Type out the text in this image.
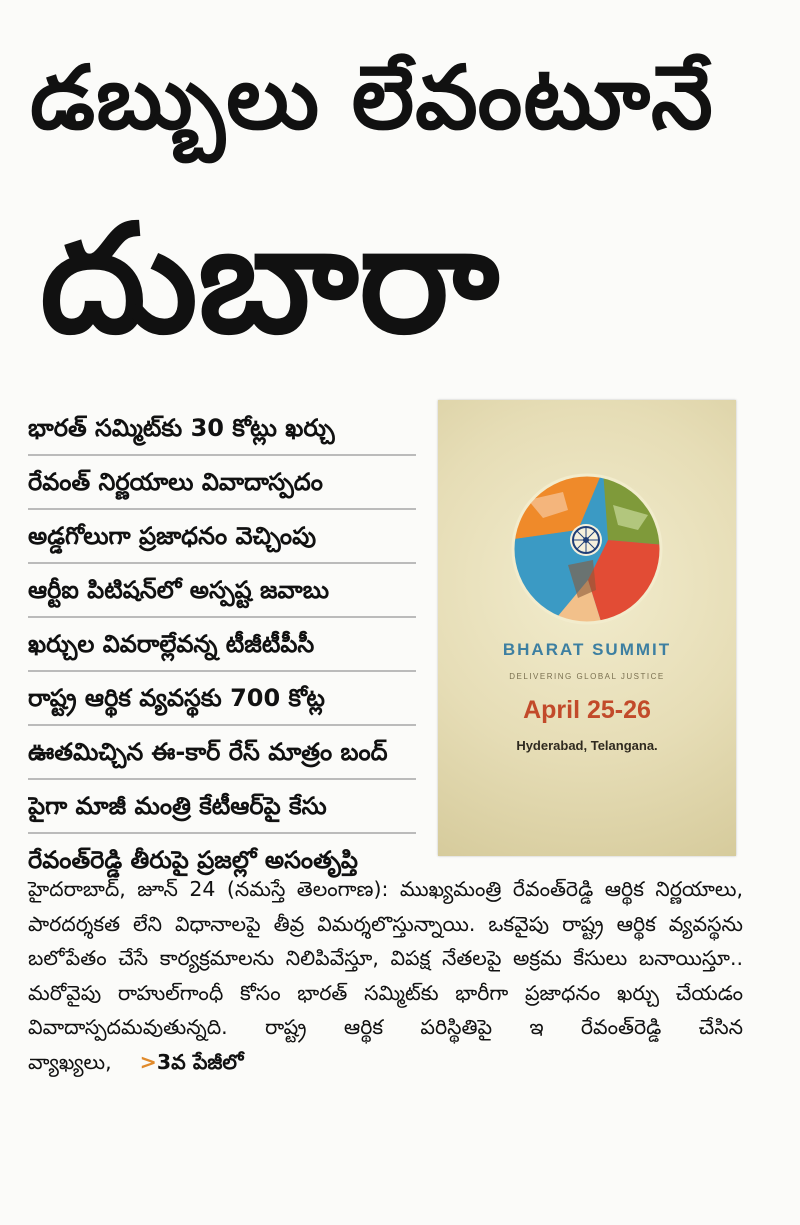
డబ్బులు లేవంటూనే
దుబారా
భారత్ సమ్మిట్‌కు 30 కోట్లు ఖర్చు
రేవంత్ నిర్ణయాలు వివాదాస్పదం
అడ్డగోలుగా ప్రజాధనం వెచ్చింపు
ఆర్టీఐ పిటిషన్‌లో అస్పష్ట జవాబు
ఖర్చుల వివరాల్లేవన్న టీజీటీపీసీ
రాష్ట్ర ఆర్థిక వ్యవస్థకు 700 కోట్ల
ఊతమిచ్చిన ఈ-కార్ రేస్ మాత్రం బంద్
పైగా మాజీ మంత్రి కేటీఆర్‌పై కేసు
రేవంత్‌రెడ్డి తీరుపై ప్రజల్లో అసంతృప్తి
BHARAT SUMMIT
DELIVERING GLOBAL JUSTICE
April 25-26
Hyderabad, Telangana.
హైదరాబాద్, జూన్ 24 (నమస్తే తెలంగాణ): ముఖ్యమంత్రి రేవంత్‌రెడ్డి ఆర్థిక నిర్ణయాలు, పారదర్శకత లేని విధానాలపై తీవ్ర విమర్శలొస్తున్నాయి. ఒకవైపు రాష్ట్ర ఆర్థిక వ్యవస్థను బలోపేతం చేసే కార్యక్రమాలను నిలిపివేస్తూ, విపక్ష నేతలపై అక్రమ కేసులు బనాయిస్తూ.. మరోవైపు రాహుల్‌గాంధీ కోసం భారత్ సమ్మిట్‌కు భారీగా ప్రజాధనం ఖర్చు చేయడం వివాదాస్పదమవుతున్నది. రాష్ట్ర ఆర్థిక పరిస్థితిపై ఇ రేవంత్‌రెడ్డి చేసిన వ్యాఖ్యలు, >3వ పేజీలో
